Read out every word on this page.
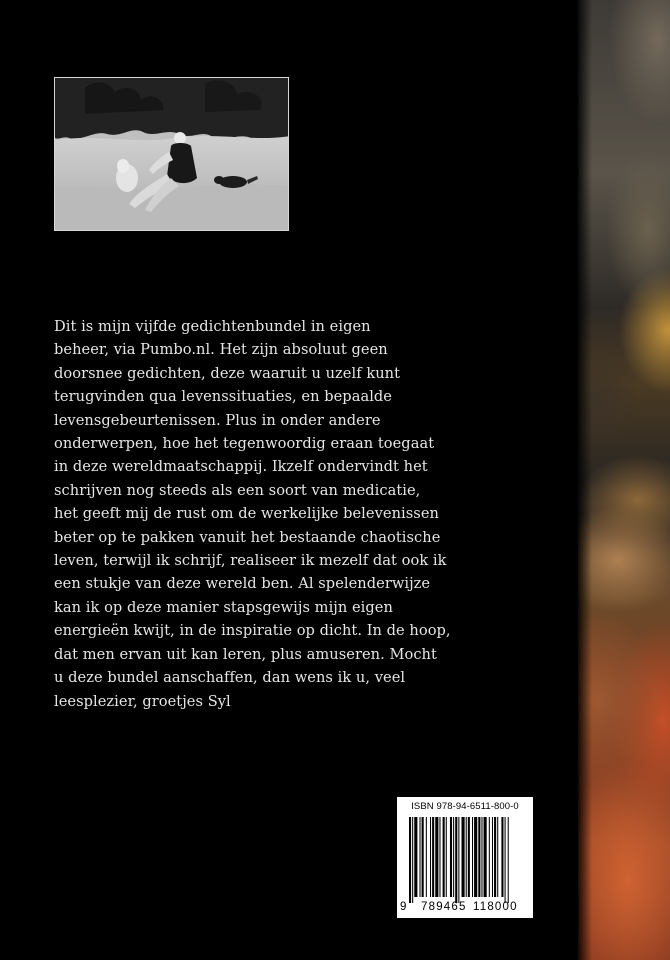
Dit is mijn vijfde gedichtenbundel in eigen
beheer, via Pumbo.nl. Het zijn absoluut geen
doorsnee gedichten, deze waaruit u uzelf kunt
terugvinden qua levenssituaties, en bepaalde
levensgebeurtenissen. Plus in onder andere
onderwerpen, hoe het tegenwoordig eraan toegaat
in deze wereldmaatschappij. Ikzelf ondervindt het
schrijven nog steeds als een soort van medicatie,
het geeft mij de rust om de werkelijke belevenissen
beter op te pakken vanuit het bestaande chaotische
leven, terwijl ik schrijf, realiseer ik mezelf dat ook ik
een stukje van deze wereld ben. Al spelenderwijze
kan ik op deze manier stapsgewijs mijn eigen
energieën kwijt, in de inspiratie op dicht. In de hoop,
dat men ervan uit kan leren, plus amuseren. Mocht
u deze bundel aanschaffen, dan wens ik u, veel
leesplezier, groetjes Syl

ISBN 978-94-6511-800-0
9 789465 118000
